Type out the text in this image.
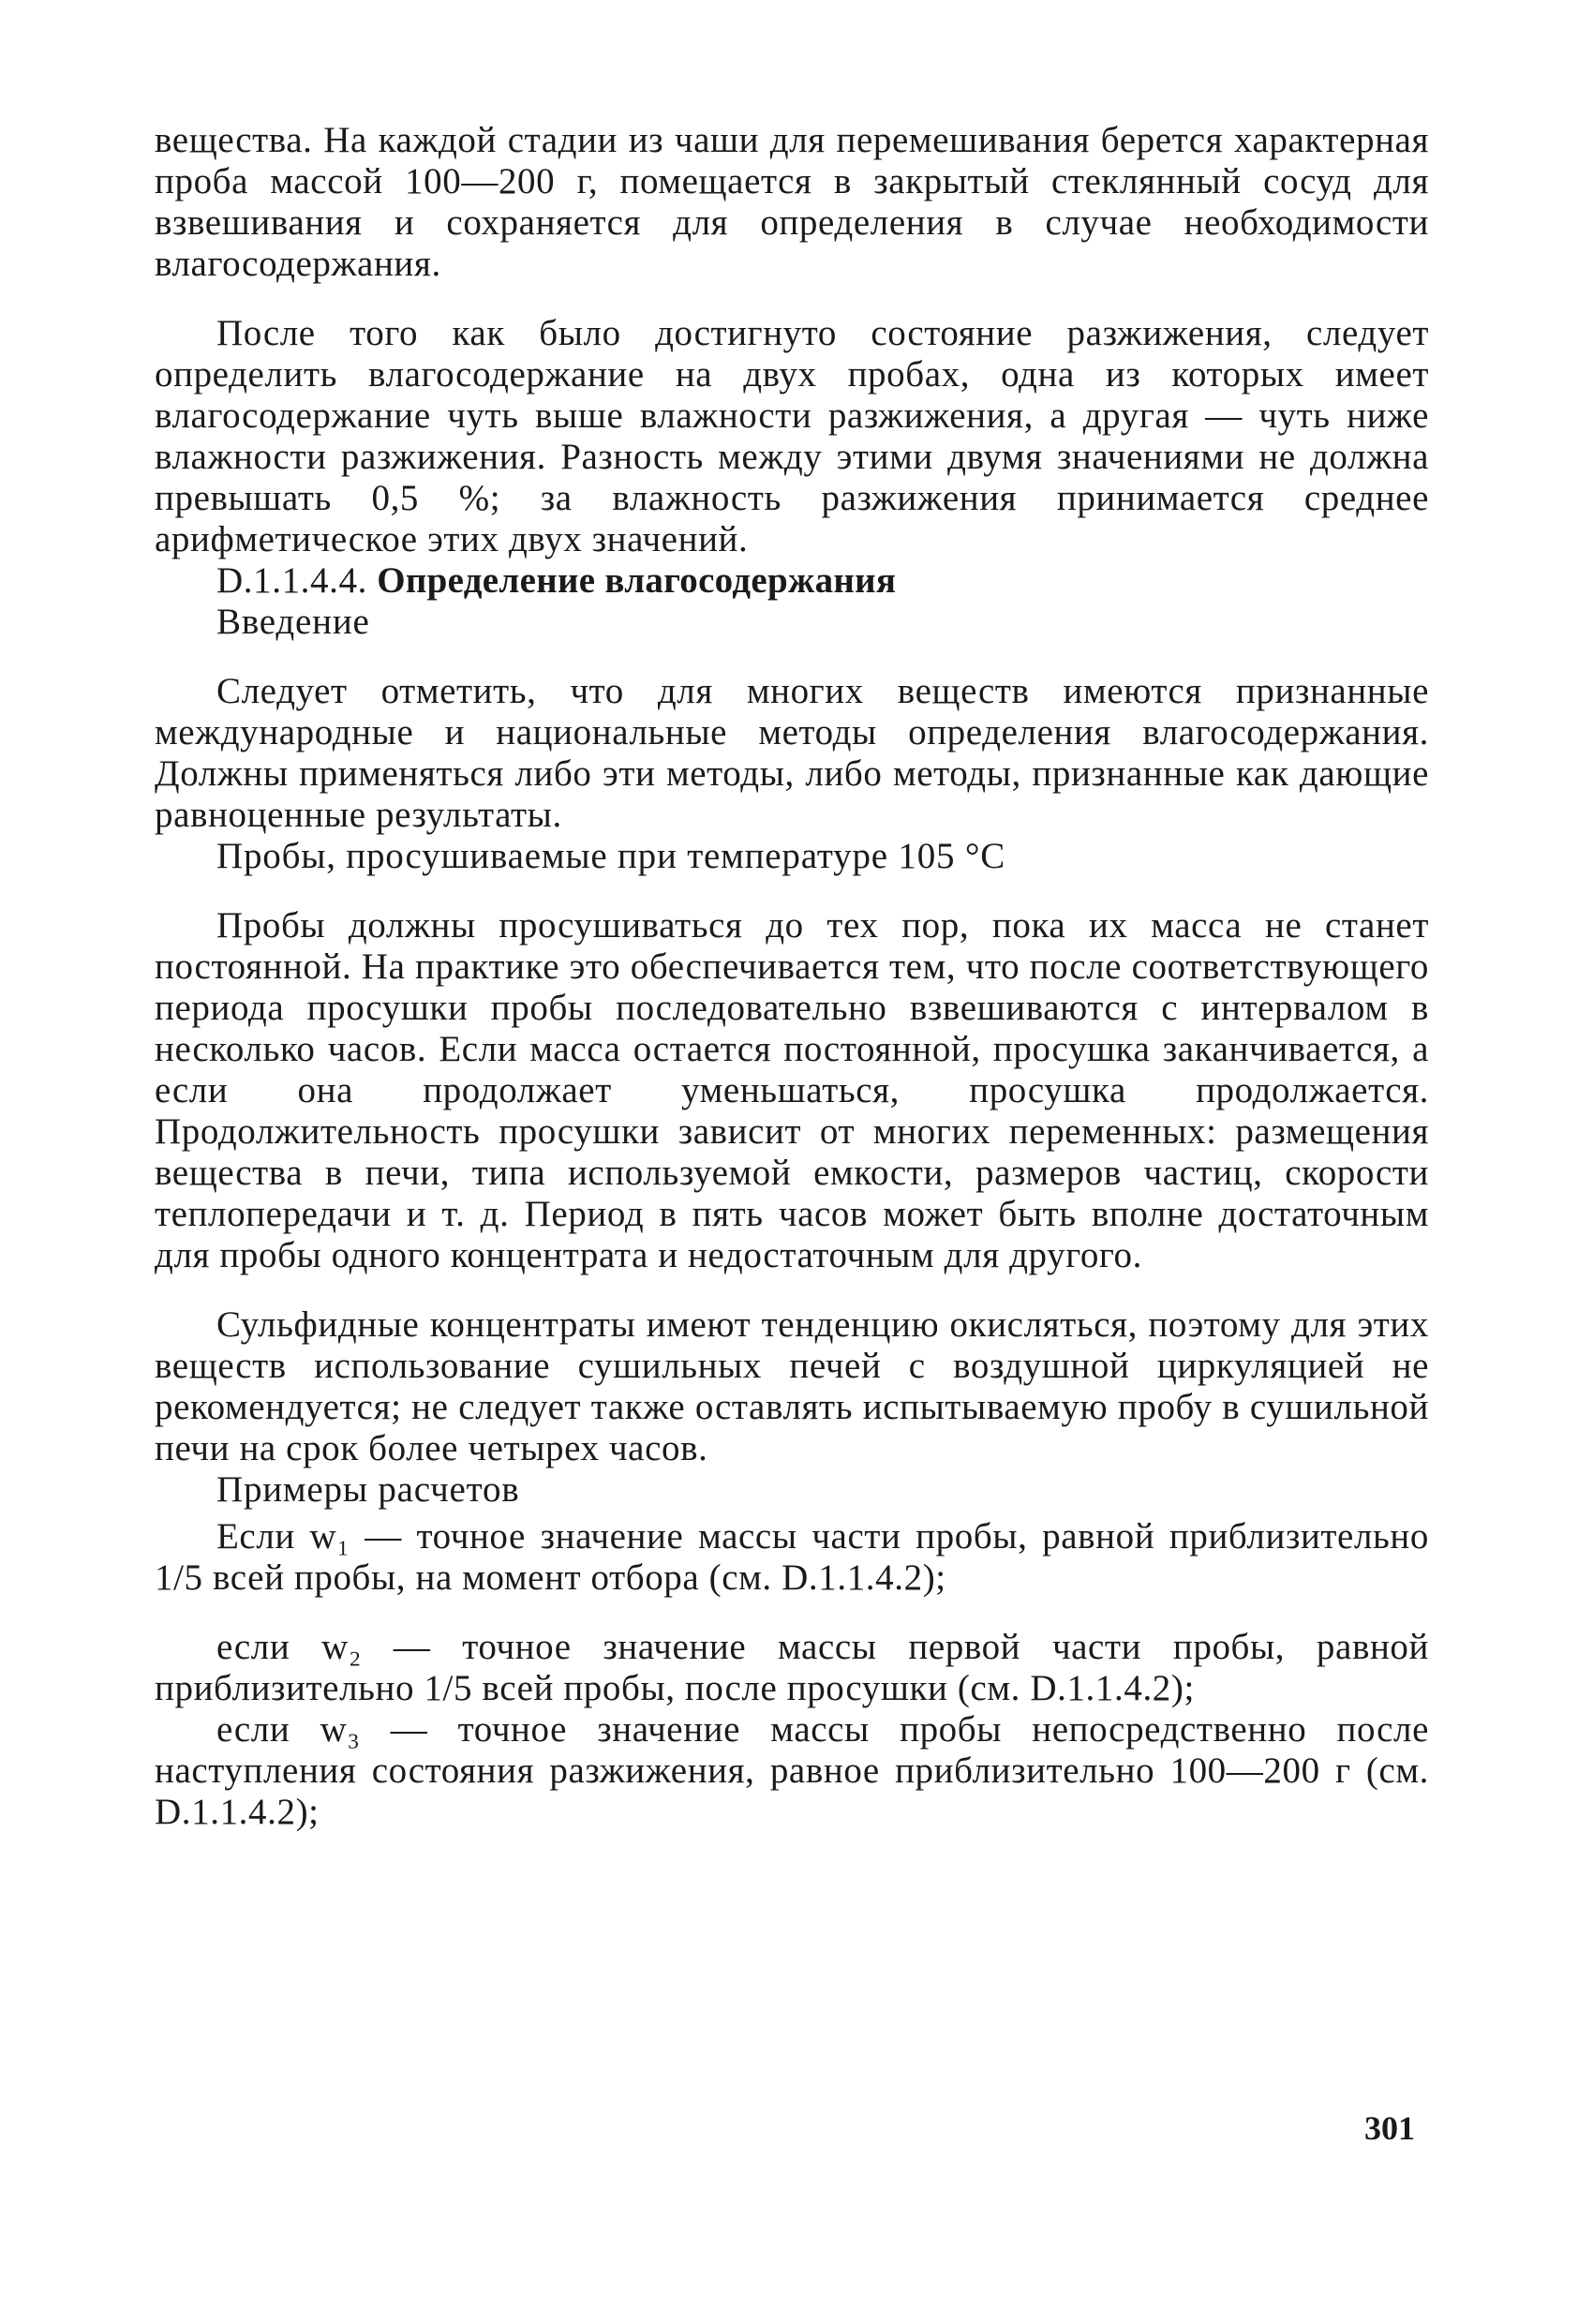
вещества. На каждой стадии из чаши для перемешивания берется характерная проба массой 100—200 г, помещается в закрытый стеклянный сосуд для взвешивания и сохраняется для определения в случае необходимости влагосодержания.

После того как было достигнуто состояние разжижения, следует определить влагосодержание на двух пробах, одна из которых имеет влагосодержание чуть выше влажности разжижения, а другая — чуть ниже влажности разжижения. Разность между этими двумя значениями не должна превышать 0,5 %; за влажность разжижения принимается среднее арифметическое этих двух значений.

D.1.1.4.4. Определение влагосодержания

Введение

Следует отметить, что для многих веществ имеются признанные международные и национальные методы определения влагосодержания. Должны применяться либо эти методы, либо методы, признанные как дающие равноценные результаты.

Пробы, просушиваемые при температуре 105 °С

Пробы должны просушиваться до тех пор, пока их масса не станет постоянной. На практике это обеспечивается тем, что после соответствующего периода просушки пробы последовательно взвешиваются с интервалом в несколько часов. Если масса остается постоянной, просушка заканчивается, а если она продолжает уменьшаться, просушка продолжается. Продолжительность просушки зависит от многих переменных: размещения вещества в печи, типа используемой емкости, размеров частиц, скорости теплопередачи и т. д. Период в пять часов может быть вполне достаточным для пробы одного концентрата и недостаточным для другого.

Сульфидные концентраты имеют тенденцию окисляться, поэтому для этих веществ использование сушильных печей с воздушной циркуляцией не рекомендуется; не следует также оставлять испытываемую пробу в сушильной печи на срок более четырех часов.

Примеры расчетов

Если w₁ — точное значение массы части пробы, равной приблизительно 1/5 всей пробы, на момент отбора (см. D.1.1.4.2);

если w₂ — точное значение массы первой части пробы, равной приблизительно 1/5 всей пробы, после просушки (см. D.1.1.4.2);

если w₃ — точное значение массы пробы непосредственно после наступления состояния разжижения, равное приблизительно 100—200 г (см. D.1.1.4.2);

301
